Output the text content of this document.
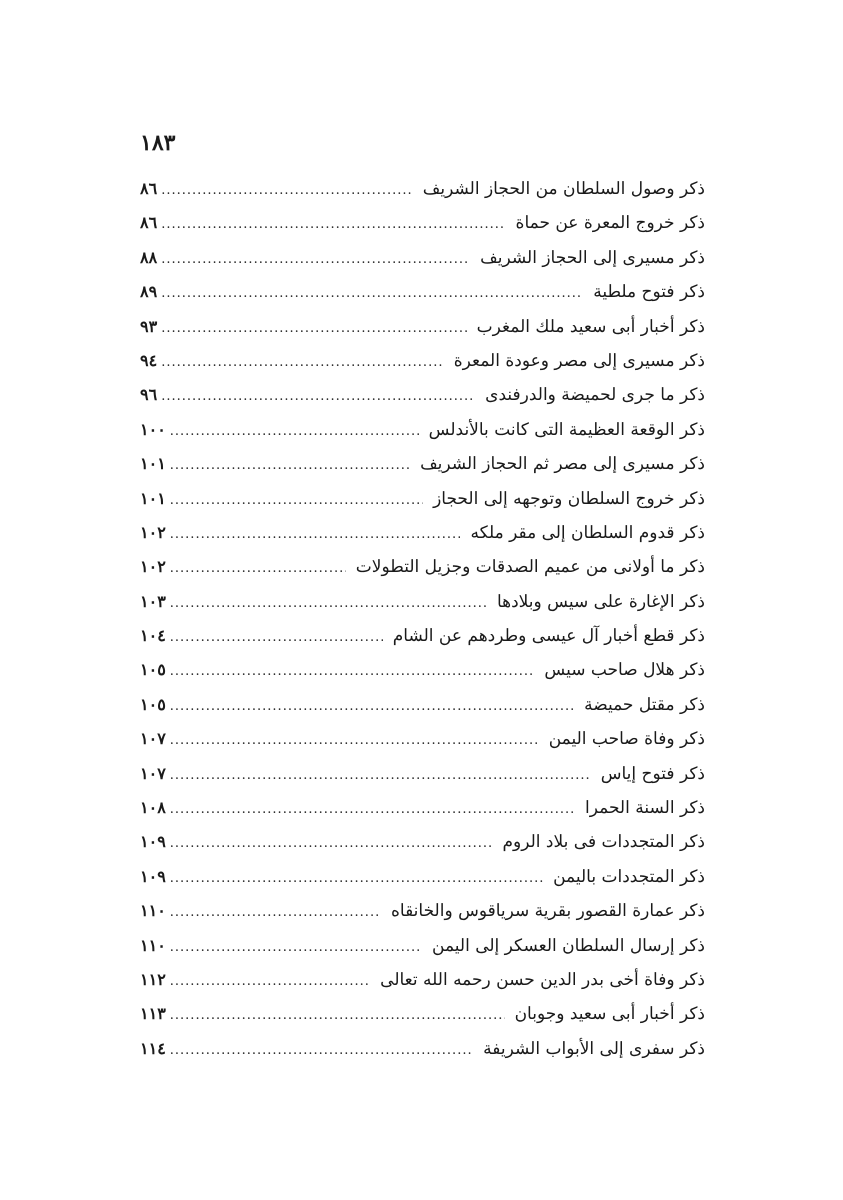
١٨٣
ذكر وصول السلطان من الحجاز الشريف
.....
٨٦
ذكر خروج المعرة عن حماة
.....
٨٦
ذكر مسيرى إلى الحجاز الشريف
.....
٨٨
ذكر فتوح ملطية
.....
٨٩
ذكر أخبار أبى سعيد ملك المغرب
.....
٩٣
ذكر مسيرى إلى مصر وعودة المعرة
.....
٩٤
ذكر ما جرى لحميضة والدرفندى
.....
٩٦
ذكر الوقعة العظيمة التى كانت بالأندلس
.....
١٠٠
ذكر مسيرى إلى مصر ثم الحجاز الشريف
.....
١٠١
ذكر خروج السلطان وتوجهه إلى الحجاز
.....
١٠١
ذكر قدوم السلطان إلى مقر ملكه
.....
١٠٢
ذكر ما أولانى من عميم الصدقات وجزيل التطولات
.....
١٠٢
ذكر الإغارة على سيس وبلادها
.....
١٠٣
ذكر قطع أخبار آل عيسى وطردهم عن الشام
.....
١٠٤
ذكر هلال صاحب سيس
.....
١٠٥
ذكر مقتل حميضة
.....
١٠٥
ذكر وفاة صاحب اليمن
.....
١٠٧
ذكر فتوح إياس
.....
١٠٧
ذكر السنة الحمرا
.....
١٠٨
ذكر المتجددات فى بلاد الروم
.....
١٠٩
ذكر المتجددات باليمن
.....
١٠٩
ذكر عمارة القصور بقرية سرياقوس والخانقاه
.....
١١٠
ذكر إرسال السلطان العسكر إلى اليمن
.....
١١٠
ذكر وفاة أخى بدر الدين حسن رحمه الله تعالى
.....
١١٢
ذكر أخبار أبى سعيد وجوبان
.....
١١٣
ذكر سفرى إلى الأبواب الشريفة
.....
١١٤
